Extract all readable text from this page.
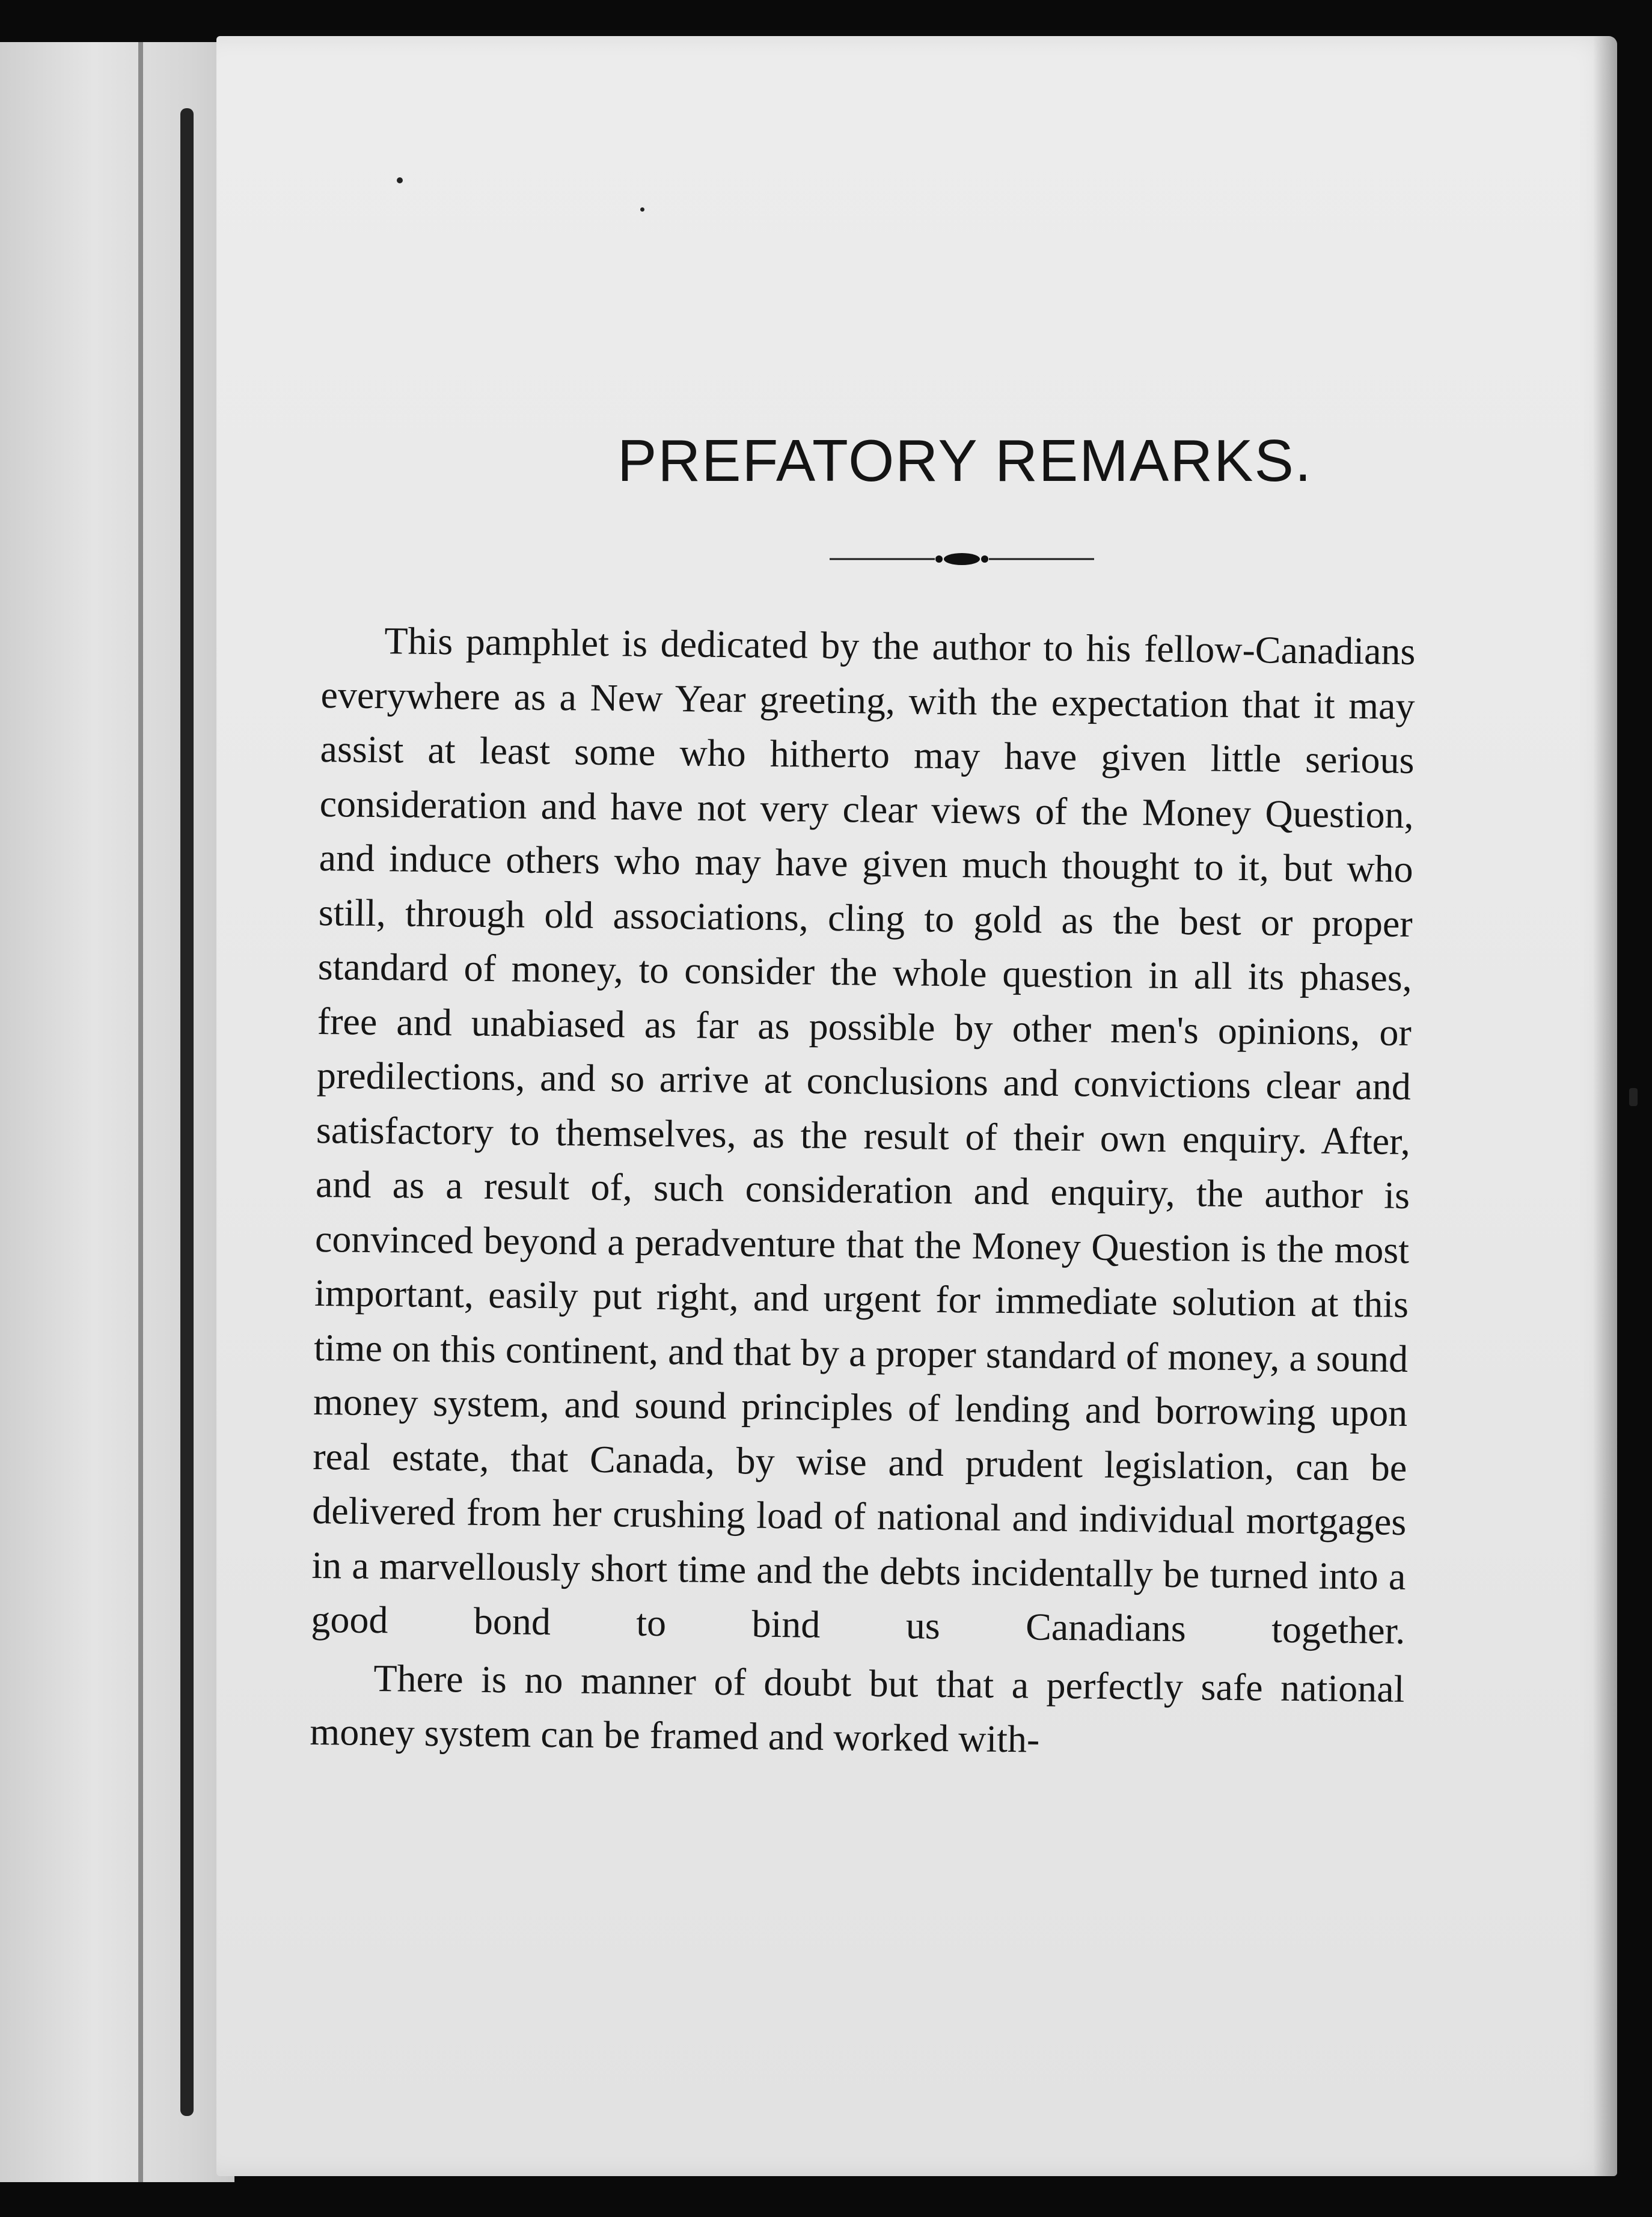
PREFATORY REMARKS.

This pamphlet is dedicated by the author to his fellow-Canadians everywhere as a New Year greeting, with the expectation that it may assist at least some who hitherto may have given little serious consideration and have not very clear views of the Money Question, and induce others who may have given much thought to it, but who still, through old associations, cling to gold as the best or proper standard of money, to consider the whole question in all its phases, free and unabiased as far as possible by other men's opinions, or predilections, and so arrive at conclusions and convictions clear and satisfactory to themselves, as the result of their own enquiry. After, and as a result of, such consideration and enquiry, the author is convinced beyond a peradventure that the Money Question is the most important, easily put right, and urgent for immediate solution at this time on this continent, and that by a proper standard of money, a sound money system, and sound principles of lending and borrowing upon real estate, that Canada, by wise and prudent legislation, can be delivered from her crushing load of national and individual mortgages in a marvellously short time and the debts incidentally be turned into a good bond to bind us Canadians together.

There is no manner of doubt but that a perfectly safe national money system can be framed and worked with-
